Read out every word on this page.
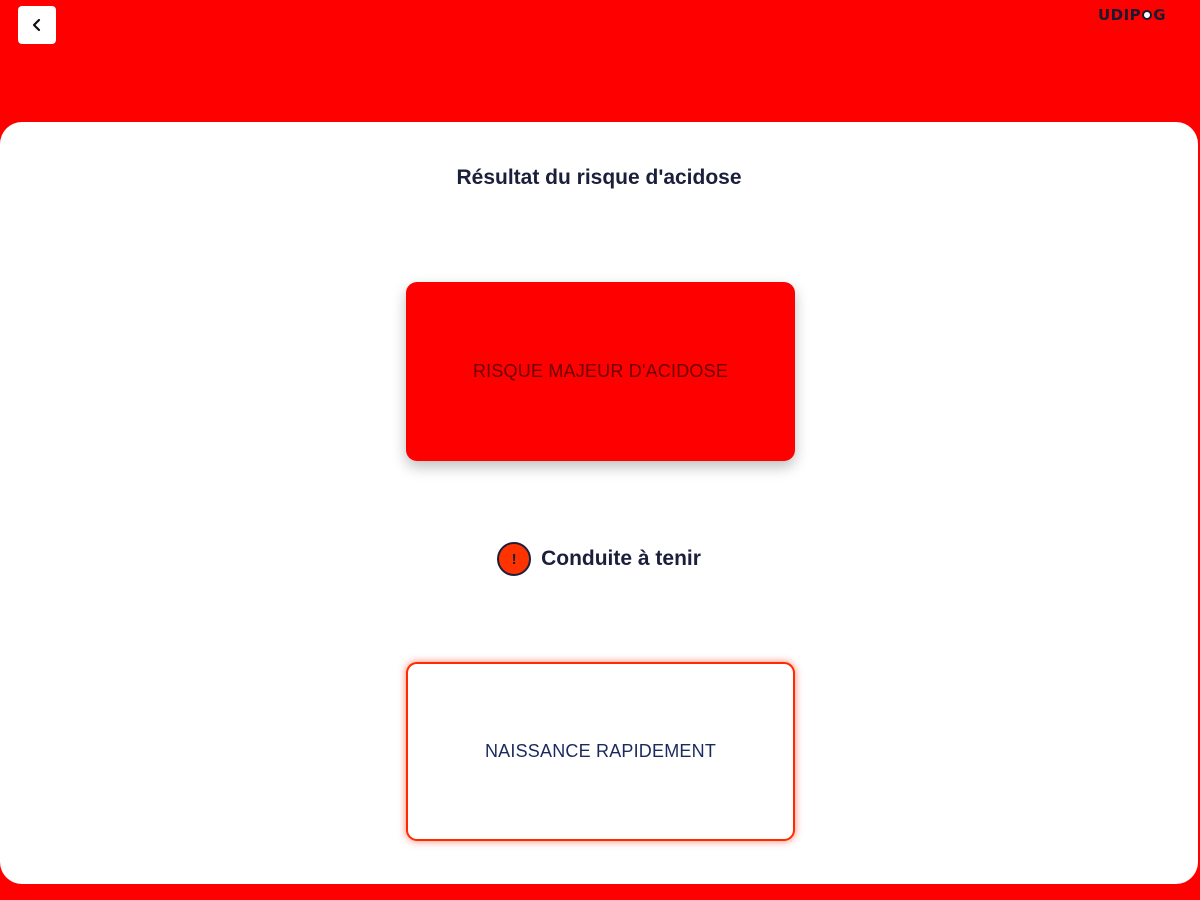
UDIP G
Résultat du risque d'acidose
RISQUE MAJEUR D'ACIDOSE
!	Conduite à tenir
NAISSANCE RAPIDEMENT
